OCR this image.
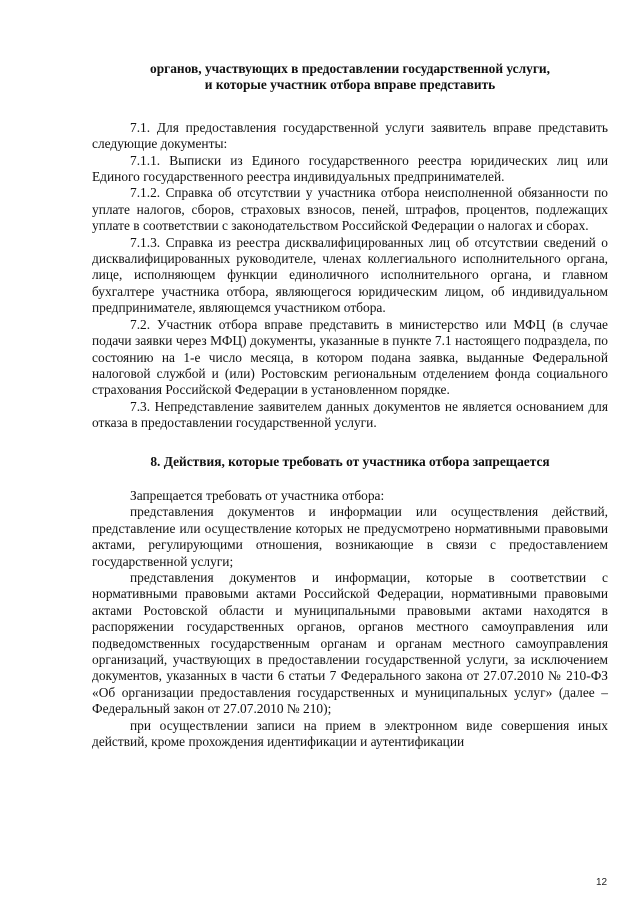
органов, участвующих в предоставлении государственной услуги,
и которые участник отбора вправе представить

7.1. Для предоставления государственной услуги заявитель вправе представить следующие документы:

7.1.1. Выписки из Единого государственного реестра юридических лиц или Единого государственного реестра индивидуальных предпринимателей.

7.1.2. Справка об отсутствии у участника отбора неисполненной обязанности по уплате налогов, сборов, страховых взносов, пеней, штрафов, процентов, подлежащих уплате в соответствии с законодательством Российской Федерации о налогах и сборах.

7.1.3. Справка из реестра дисквалифицированных лиц об отсутствии сведений о дисквалифицированных руководителе, членах коллегиального исполнительного органа, лице, исполняющем функции единоличного исполнительного органа, и главном бухгалтере участника отбора, являющегося юридическим лицом, об индивидуальном предпринимателе, являющемся участником отбора.

7.2. Участник отбора вправе представить в министерство или МФЦ (в случае подачи заявки через МФЦ) документы, указанные в пункте 7.1 настоящего подраздела, по состоянию на 1-е число месяца, в котором подана заявка, выданные Федеральной налоговой службой и (или) Ростовским региональным отделением фонда социального страхования Российской Федерации в установленном порядке.

7.3. Непредставление заявителем данных документов не является основанием для отказа в предоставлении государственной услуги.

8. Действия, которые требовать от участника отбора запрещается

Запрещается требовать от участника отбора:

представления документов и информации или осуществления действий, представление или осуществление которых не предусмотрено нормативными правовыми актами, регулирующими отношения, возникающие в связи с предоставлением государственной услуги;

представления документов и информации, которые в соответствии с нормативными правовыми актами Российской Федерации, нормативными правовыми актами Ростовской области и муниципальными правовыми актами находятся в распоряжении государственных органов, органов местного самоуправления или подведомственных государственным органам и органам местного самоуправления организаций, участвующих в предоставлении государственной услуги, за исключением документов, указанных в части 6 статьи 7 Федерального закона от 27.07.2010 № 210-ФЗ «Об организации предоставления государственных и муниципальных услуг» (далее – Федеральный закон от 27.07.2010 № 210);

при осуществлении записи на прием в электронном виде совершения иных действий, кроме прохождения идентификации и аутентификации

12
